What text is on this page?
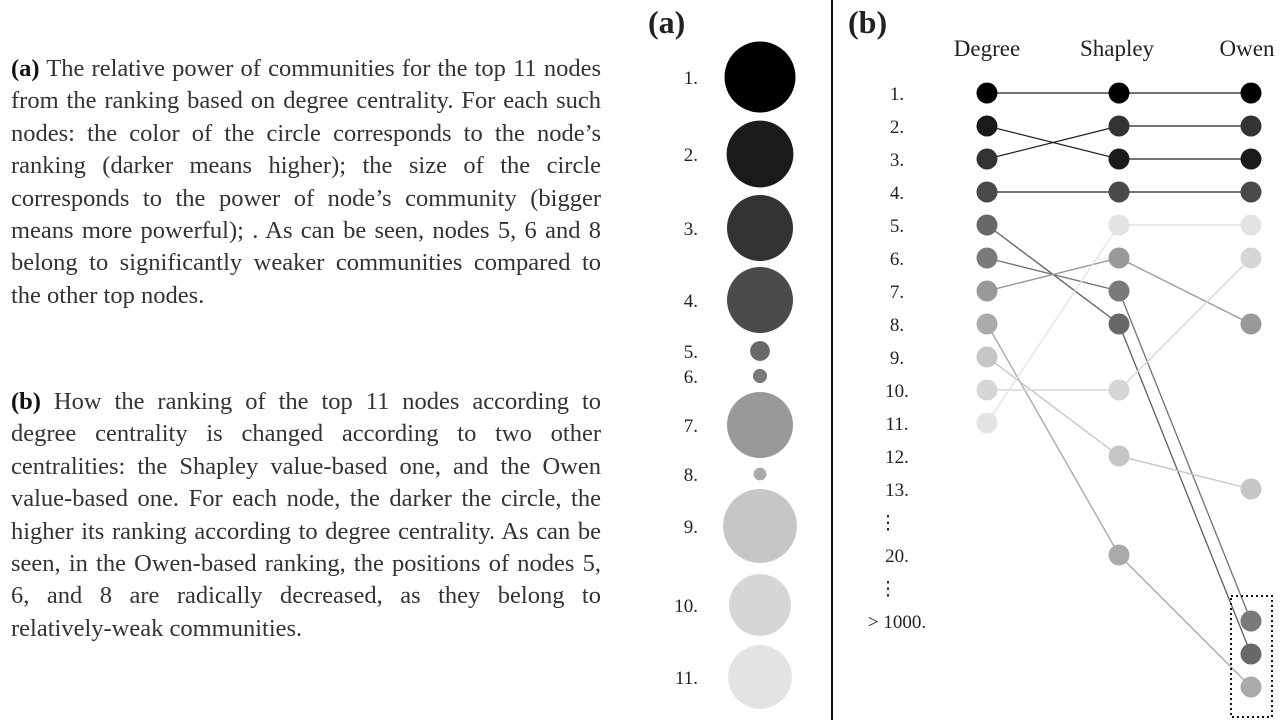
(a) The relative power of communities for the top 11 nodes from the ranking based on degree centrality. For each such nodes: the color of the circle corresponds to the node’s ranking (darker means higher); the size of the circle corresponds to the power of node’s community (bigger means more powerful); . As can be seen, nodes 5, 6 and 8 belong to significantly weaker communities compared to the other top nodes.
(b) How the ranking of the top 11 nodes according to degree centrality is changed according to two other centralities: the Shapley value-based one, and the Owen value-based one. For each node, the darker the circle, the higher its ranking according to degree centrality. As can be seen, in the Owen-based ranking, the positions of nodes 5, 6, and 8 are radically decreased, as they belong to relatively-weak communities.
(a)	(b)
1.
2.
3.
4.
5.
6.
7.
8.
9.
10.
11.
Degree	Shapley	Owen
1.
2.
3.
4.
5.
6.
7.
8.
9.
10.
11.
12.
13.
⋮
20.
⋮
> 1000.
